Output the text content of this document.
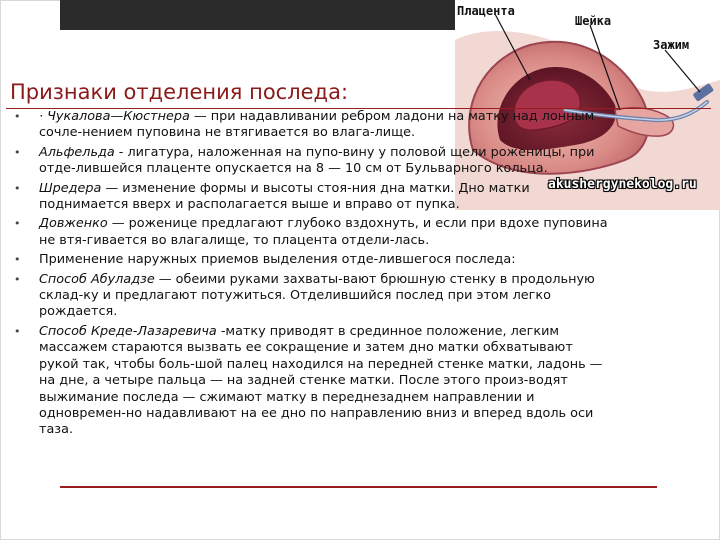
Плацента
Шейка
Зажим
Признаки отделения последа:
• · Чукалова—Кюстнера — при надавливании ребром ладони на матку над лонным сочле-нением пуповина не втягивается во влага-лище.
• Альфельда - лигатура, наложенная на пупо-вину у половой щели роженицы, при отде-лившейся плаценте опускается на 8 — 10 см от Бульварного кольца.
• Шредера — изменение формы и высоты стоя-ния дна матки. Дно матки поднимается вверх и располагается выше и вправо от пупка.
• Довженко — роженице предлагают глубоко вздохнуть, и если при вдохе пуповина не втя-гивается во влагалище, то плацента отдели-лась.
• Применение наружных приемов выделения отде-лившегося последа:
• Способ Абуладзе — обеими руками захваты-вают брюшную стенку в продольную склад-ку и предлагают потужиться. Отделившийся послед при этом легко рождается.
• Способ Креде-Лазаревича -матку приводят в срединное положение, легким массажем стараются вызвать ее сокращение и затем дно матки обхватывают рукой так, чтобы боль-шой палец находился на передней стенке матки, ладонь — на дне, а четыре пальца — на задней стенке матки. После этого произ-водят выжимание последа — сжимают матку в переднезаднем направлении и одновремен-но надавливают на ее дно по направлению вниз и вперед вдоль оси таза.
akushergynekolog.ru
